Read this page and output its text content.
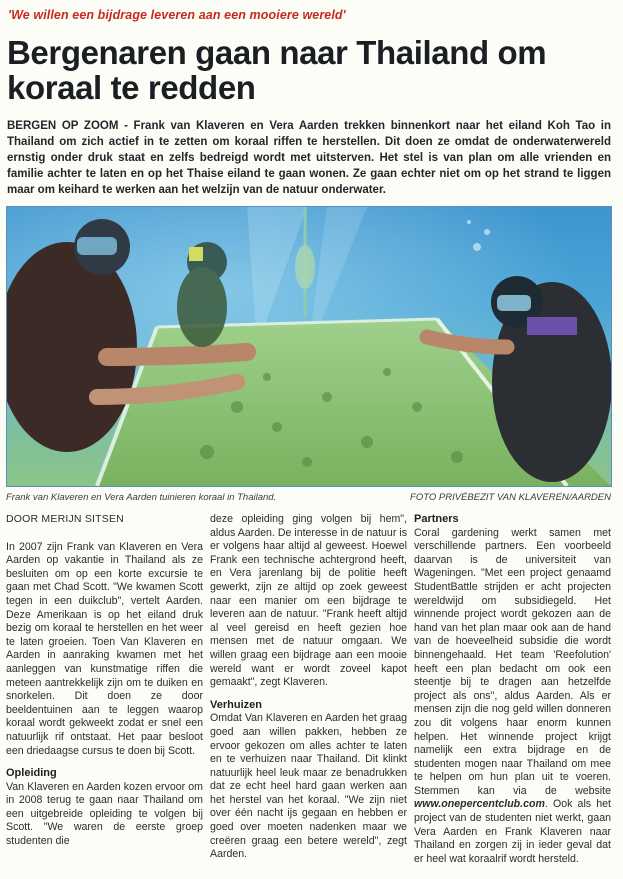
'We willen een bijdrage leveren aan een mooiere wereld'
Bergenaren gaan naar Thailand om koraal te redden
BERGEN OP ZOOM - Frank van Klaveren en Vera Aarden trekken binnenkort naar het eiland Koh Tao in Thailand om zich actief in te zetten om koraal riffen te herstellen. Dit doen ze omdat de onderwaterwereld ernstig onder druk staat en zelfs bedreigd wordt met uitsterven. Het stel is van plan om alle vrienden en familie achter te laten en op het Thaise eiland te gaan wonen. Ze gaan echter niet om op het strand te liggen maar om keihard te werken aan het welzijn van de natuur onderwater.
Frank van Klaveren en Vera Aarden tuinieren koraal in Thailand.	FOTO PRIVÉBEZIT VAN KLAVEREN/AARDEN

DOOR MERIJN SITSEN

In 2007 zijn Frank van Klaveren en Vera Aarden op vakantie in Thailand als ze besluiten om op een korte excursie te gaan met Chad Scott. "We kwamen Scott tegen in een duikclub", vertelt Aarden. Deze Amerikaan is op het eiland druk bezig om koraal te herstellen en het weer te laten groeien. Toen Van Klaveren en Aarden in aanraking kwamen met het aanleggen van kunstmatige riffen die meteen aantrekkelijk zijn om te duiken en snorkelen. Dit doen ze door beeldentuinen aan te leggen waarop koraal wordt gekweekt zodat er snel een natuurlijk rif ontstaat. Het paar besloot een driedaagse cursus te doen bij Scott.

Opleiding

Van Klaveren en Aarden kozen ervoor om in 2008 terug te gaan naar Thailand om een uitgebreide opleiding te volgen bij Scott. "We waren de eerste groep studenten die

deze opleiding ging volgen bij hem", aldus Aarden. De interesse in de natuur is er volgens haar altijd al geweest. Hoewel Frank een technische achtergrond heeft, en Vera jarenlang bij de politie heeft gewerkt, zijn ze altijd op zoek geweest naar een manier om een bijdrage te leveren aan de natuur. "Frank heeft altijd al veel gereisd en heeft gezien hoe mensen met de natuur omgaan. We willen graag een bijdrage aan een mooie wereld want er wordt zoveel kapot gemaakt", zegt Klaveren.

Verhuizen

Omdat Van Klaveren en Aarden het graag goed aan willen pakken, hebben ze ervoor gekozen om alles achter te laten en te verhuizen naar Thailand. Dit klinkt natuurlijk heel leuk maar ze benadrukken dat ze echt heel hard gaan werken aan het herstel van het koraal. "We zijn niet over één nacht ijs gegaan en hebben er goed over moeten nadenken maar we creëren graag een betere wereld", zegt Aarden.

Partners

Coral gardening werkt samen met verschillende partners. Een voorbeeld daarvan is de universiteit van Wageningen. "Met een project genaamd StudentBattle strijden er acht projecten wereldwijd om subsidiegeld. Het winnende project wordt gekozen aan de hand van het plan maar ook aan de hand van de hoeveelheid subsidie die wordt binnengehaald. Het team 'Reefolution' heeft een plan bedacht om ook een steentje bij te dragen aan hetzelfde project als ons", aldus Aarden. Als er mensen zijn die nog geld willen donneren zou dit volgens haar enorm kunnen helpen. Het winnende project krijgt namelijk een extra bijdrage en de studenten mogen naar Thailand om mee te helpen om hun plan uit te voeren. Stemmen kan via de website www.onepercentclub.com. Ook als het project van de studenten niet werkt, gaan Vera Aarden en Frank Klaveren naar Thailand en zorgen zij in ieder geval dat er heel wat koraalrif wordt hersteld.
